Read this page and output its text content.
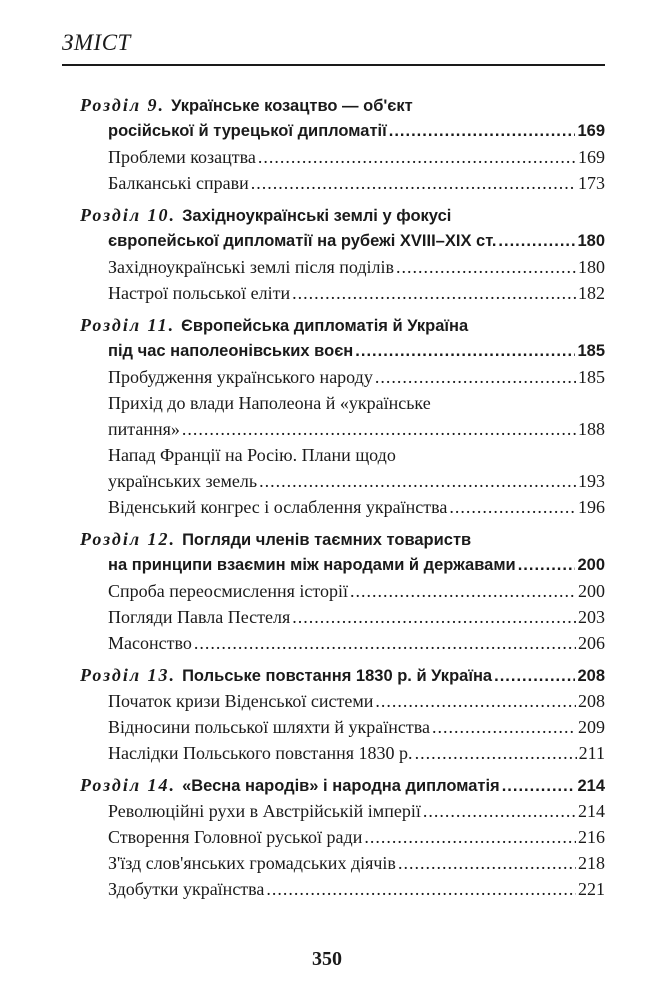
ЗМІСТ
Розділ 9. Українське козацтво — об'єкт
російської й турецької дипломатії .....	169
Проблеми козацтва .....	169
Балканські справи .....	173
Розділ 10. Західноукраїнські землі у фокусі
європейської дипломатії на рубежі XVIII–XIX ст. .....	180
Західноукраїнські землі після поділів .....	180
Настрої польської еліти .....	182
Розділ 11. Європейська дипломатія й Україна
під час наполеонівських воєн .....	185
Пробудження українського народу .....	185
Прихід до влади Наполеона й «українське
питання» .....	188
Напад Франції на Росію. Плани щодо
українських земель .....	193
Віденський конгрес і ослаблення українства .....	196
Розділ 12. Погляди членів таємних товариств
на принципи взаємин між народами й державами .....	200
Спроба переосмислення історії .....	200
Погляди Павла Пестеля .....	203
Масонство .....	206
Розділ 13. Польське повстання 1830 р. й Україна .....	208
Початок кризи Віденської системи .....	208
Відносини польської шляхти й українства .....	209
Наслідки Польського повстання 1830 р. .....	211
Розділ 14. «Весна народів» і народна дипломатія .....	214
Революційні рухи в Австрійській імперії .....	214
Створення Головної руської ради .....	216
З'їзд слов'янських громадських діячів .....	218
Здобутки українства .....	221
350
